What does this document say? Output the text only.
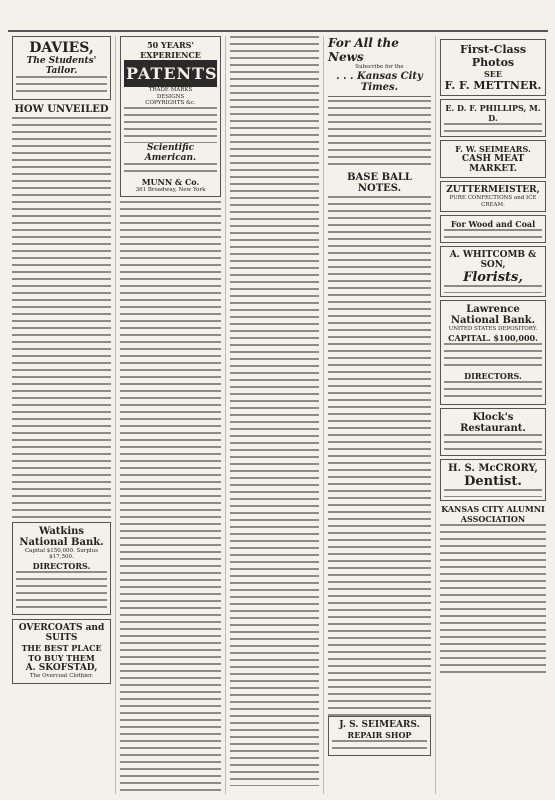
DAVIES,
The Students' Tailor.
HOW UNVEILED
Watkins National Bank.
Capital $150,000. Surplus $17,500.
DIRECTORS.
OVERCOATS and SUITS
THE BEST PLACE TO BUY THEM
A. SKOFSTAD,
The Overcoat Clothier.
50 YEARS' EXPERIENCE
PATENTS
TRADE MARKS
DESIGNS
COPYRIGHTS &c.
Scientific American.
MUNN & Co.
361 Broadway, New York
For All the News
Subscribe for the
. . . Kansas City Times.
BASE BALL NOTES.
J. S. SEIMEARS.
REPAIR SHOP
First-Class Photos
SEE
F. F. METTNER.
E. D. F. PHILLIPS, M. D.
F. W. SEIMEARS.
CASH MEAT MARKET.
ZUTTERMEISTER,
PURE CONFECTIONS and ICE CREAM.
For Wood and Coal
A. WHITCOMB & SON,
Florists,
Lawrence National Bank.
UNITED STATES DEPOSITORY.
CAPITAL. $100,000.
DIRECTORS.
Klock's Restaurant.
H. S. McCRORY,
Dentist.
KANSAS CITY ALUMNI ASSOCIATION
